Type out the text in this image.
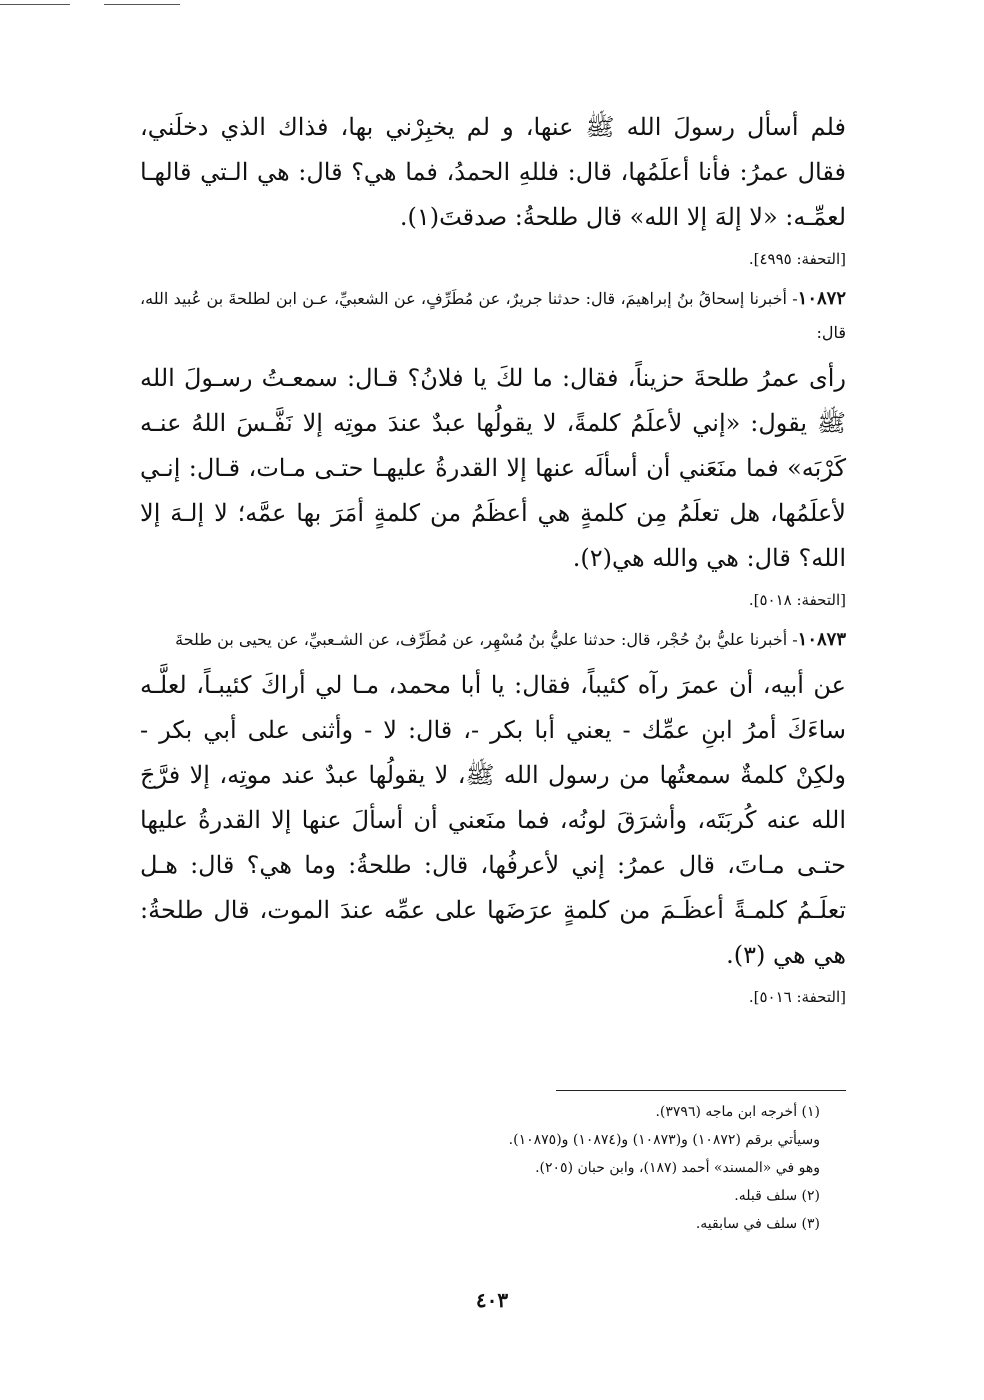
فلم أسأل رسولَ الله ﷺ عنها، و لم يخبِرْني بها، فذاك الذي دخلَني، فقال عمرُ: فأنا أعلَمُها، قال: فللهِ الحمدُ، فما هي؟ قال: هي الـتي قالهـا لعمِّـه: «لا إلهَ إلا الله» قال طلحةُ: صدقتَ(١).

[التحفة: ٤٩٩٥].

١٠٨٧٢- أخبرنا إسحاقُ بنُ إبراهيمَ، قال: حدثنا جريرٌ، عن مُطَرِّفٍ، عن الشعبيِّ، عـن ابن لطلحةَ بن عُبيد الله، قال:

رأى عمرُ طلحةَ حزيناً، فقال: ما لكَ يا فلانُ؟ قـال: سمعـتُ رسـولَ الله ﷺ يقول: «إني لأعلَمُ كلمةً، لا يقولُها عبدٌ عندَ موتِه إلا نَفَّـسَ اللهُ عنـه كَرْبَه» فما منَعَني أن أسألَه عنها إلا القدرةُ عليهـا حتـى مـات، قـال: إنـي لأعلَمُها، هل تعلَمُ مِن كلمةٍ هي أعظَمُ من كلمةٍ أمَرَ بها عمَّه؛ لا إلـهَ إلا الله؟ قال: هي والله هي(٢).

[التحفة: ٥٠١٨].

١٠٨٧٣- أخبرنا عليُّ بنُ حُجْر، قال: حدثنا عليُّ بنُ مُسْهِر، عن مُطَرِّف، عن الشـعبيِّ، عن يحيى بن طلحةَ

عن أبيه، أن عمرَ رآه كئيباً، فقال: يا أبا محمد، مـا لي أراكَ كئيبـاً، لعلَّـه ساءَكَ أمرُ ابنِ عمِّك - يعني أبا بكر -، قال: لا - وأثنى على أبي بكر - ولكِنْ كلمةٌ سمعتُها من رسول الله ﷺ، لا يقولُها عبدٌ عند موتِه، إلا فرَّجَ الله عنه كُربَتَه، وأشرَقَ لونُه، فما منَعني أن أسألَ عنها إلا القدرةُ عليها حتـى مـاتَ، قال عمرُ: إني لأعرفُها، قال: طلحةُ: وما هي؟ قال: هـل تعلَـمُ كلمـةً أعظَـمَ من كلمةٍ عرَضَها على عمِّه عندَ الموت، قال طلحةُ: هي هي (٣).

[التحفة: ٥٠١٦].

(١) أخرجه ابن ماجه (٣٧٩٦).

وسيأتي برقم (١٠٨٧٢) و(١٠٨٧٣) و(١٠٨٧٤) و(١٠٨٧٥).

وهو في «المسند» أحمد (١٨٧)، وابن حبان (٢٠٥).

(٢) سلف قبله.

(٣) سلف في سابقيه.

٤٠٣
